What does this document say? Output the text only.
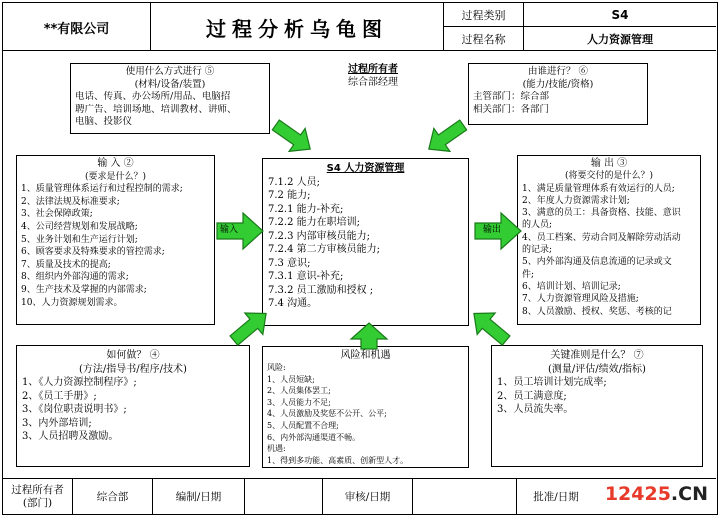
**有限公司	过程分析乌龟图
过程类别	S4
过程名称	人力资源管理
使用什么方式进行 ⑤
(材料/设备/装置)
电话、传真、办公场所/用品、电脑招
聘广告、培训场地、培训教材、讲师、
电脑、投影仪
过程所有者
综合部经理
由谁进行？ ⑥
(能力/技能/资格)
主管部门：综合部
相关部门：各部门
输 入 ②
(要求是什么？)
1、质量管理体系运行和过程控制的需求;
2、法律法规及标准要求;
3、社会保障政策;
4、公司经营规划和发展战略;
5、业务计划和生产运行计划;
6、顾客要求及特殊要求的管控需求;
7、质量及技术的提高;
8、组织内外部沟通的需求;
9、生产技术及掌握的内部需求;
10、人力资源规划需求。
S4 人力资源管理
7.1.2 人员;
7.2 能力;
7.2.1 能力-补充;
7.2.2 能力在职培训;
7.2.3 内部审核员能力;
7.2.4 第二方审核员能力;
7.3 意识;
7.3.1 意识-补充;
7.3.2 员工激励和授权 ;
7.4 沟通。
输 出 ③
(将要交付的是什么？)
1、满足质量管理体系有效运行的人员;
2、年度人力资源需求计划;
3、满意的员工：具备资格、技能、意识
的人员;
4、员工档案、劳动合同及解除劳动活动
的记录;
5、内外部沟通及信息流通的记录或文
件;
6、培训计划、培训记录;
7、人力资源管理风险及措施;
8、人员激励、授权、奖惩、考核的记
如何做？ ④
(方法/指导书/程序/技术)
1、《人力资源控制程序》;
2、《员工手册》;
3、《岗位职责说明书》;
3、内外部培训;
3、人员招聘及激励。
风险和机遇
风险:
1、人员短缺;
2、人员集体罢工;
3、人员能力不足;
4、人员激励及奖惩不公开、公平;
5、人员配置不合理;
6、内外部沟通渠道不畅。
机遇:
1、得到多功能、高素质、创新型人才。
关键准则是什么？ ⑦
(测量/评估/绩效/指标)
1、员工培训计划完成率;
2、员工满意度;
3、人员流失率。
输入	输出
过程所有者
(部门)
综合部	编制/日期	审核/日期	批准/日期	12425.CN
